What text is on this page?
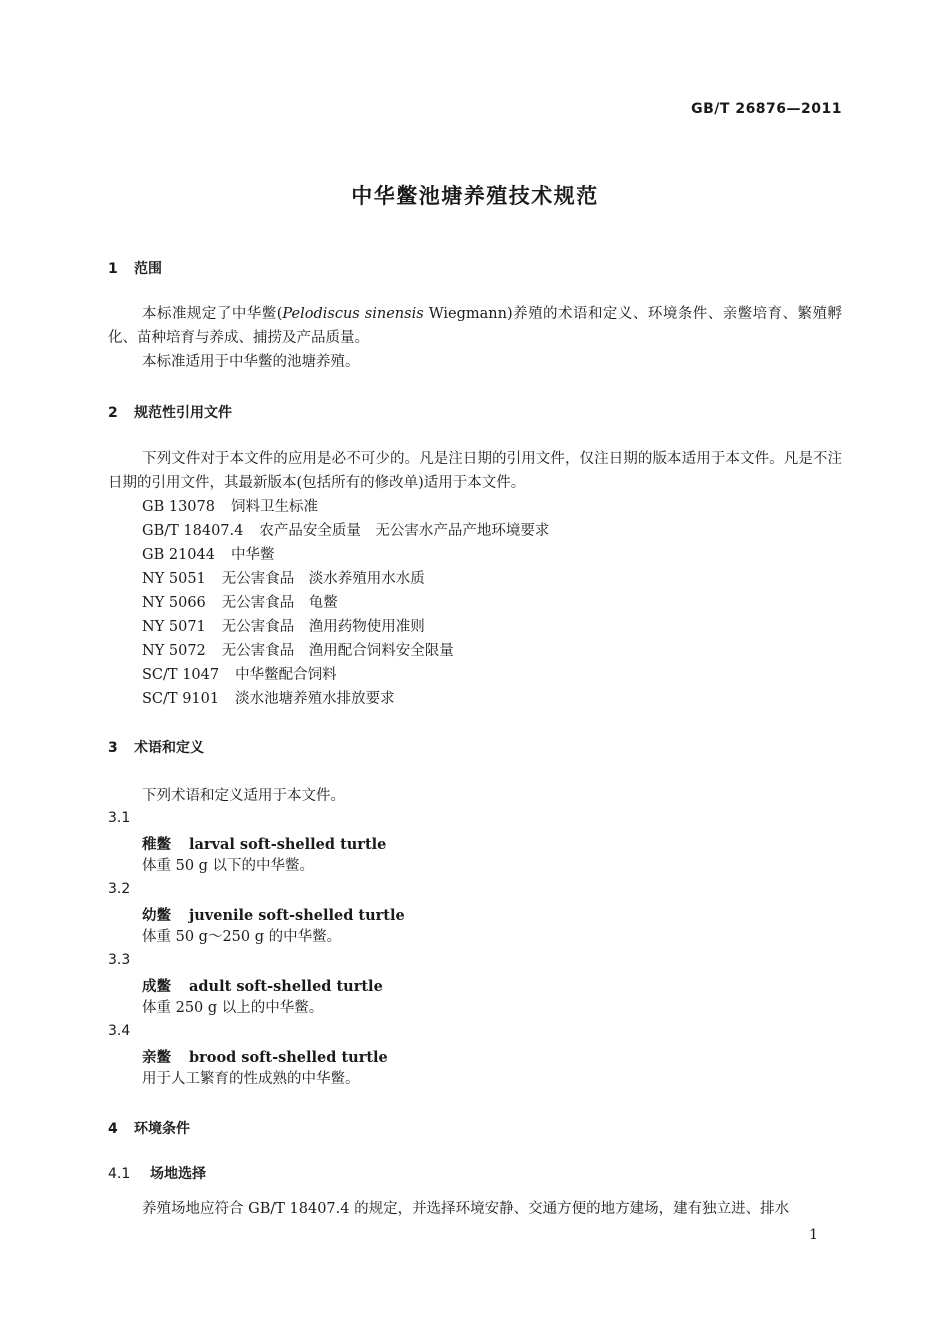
GB/T 26876—2011
中华鳖池塘养殖技术规范
1 范围
本标准规定了中华鳖(Pelodiscus sinensis Wiegmann)养殖的术语和定义、环境条件、亲鳖培育、繁殖孵化、苗种培育与养成、捕捞及产品质量。
本标准适用于中华鳖的池塘养殖。
2 规范性引用文件
下列文件对于本文件的应用是必不可少的。凡是注日期的引用文件，仅注日期的版本适用于本文件。凡是不注日期的引用文件，其最新版本(包括所有的修改单)适用于本文件。
GB 13078 饲料卫生标准
GB/T 18407.4 农产品安全质量　无公害水产品产地环境要求
GB 21044 中华鳖
NY 5051 无公害食品　淡水养殖用水水质
NY 5066 无公害食品　龟鳖
NY 5071 无公害食品　渔用药物使用准则
NY 5072 无公害食品　渔用配合饲料安全限量
SC/T 1047 中华鳖配合饲料
SC/T 9101 淡水池塘养殖水排放要求
3 术语和定义
下列术语和定义适用于本文件。
3.1
稚鳖 larval soft-shelled turtle
体重 50 g 以下的中华鳖。
3.2
幼鳖 juvenile soft-shelled turtle
体重 50 g～250 g 的中华鳖。
3.3
成鳖 adult soft-shelled turtle
体重 250 g 以上的中华鳖。
3.4
亲鳖 brood soft-shelled turtle
用于人工繁育的性成熟的中华鳖。
4 环境条件
4.1 场地选择
养殖场地应符合 GB/T 18407.4 的规定，并选择环境安静、交通方便的地方建场，建有独立进、排水
1
